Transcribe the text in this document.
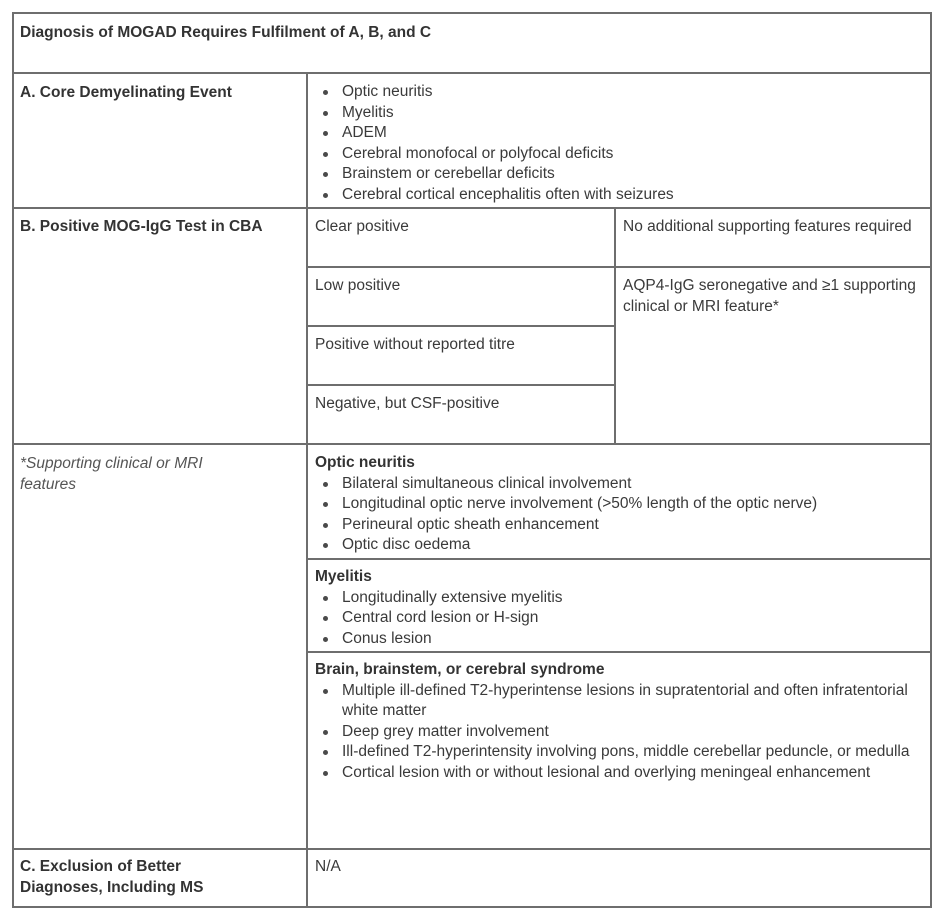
Diagnosis of MOGAD Requires Fulfilment of A, B, and C
A. Core Demyelinating Event	Optic neuritis
Myelitis
ADEM
Cerebral monofocal or polyfocal deficits
Brainstem or cerebellar deficits
Cerebral cortical encephalitis often with seizures
B. Positive MOG-IgG Test in CBA	Clear positive
Low positive
Positive without reported titre
Negative, but CSF-positive
No additional supporting features required
AQP4-IgG seronegative and ≥1 supporting clinical or MRI feature*
*Supporting clinical or MRI features
Optic neuritis
Bilateral simultaneous clinical involvement
Longitudinal optic nerve involvement (>50% length of the optic nerve)
Perineural optic sheath enhancement
Optic disc oedema
Myelitis
Longitudinally extensive myelitis
Central cord lesion or H-sign
Conus lesion
Brain, brainstem, or cerebral syndrome
Multiple ill-defined T2-hyperintense lesions in supratentorial and often infratentorial white matter
Deep grey matter involvement
Ill-defined T2-hyperintensity involving pons, middle cerebellar peduncle, or medulla
Cortical lesion with or without lesional and overlying meningeal enhancement
C. Exclusion of Better Diagnoses, Including MS
N/A
